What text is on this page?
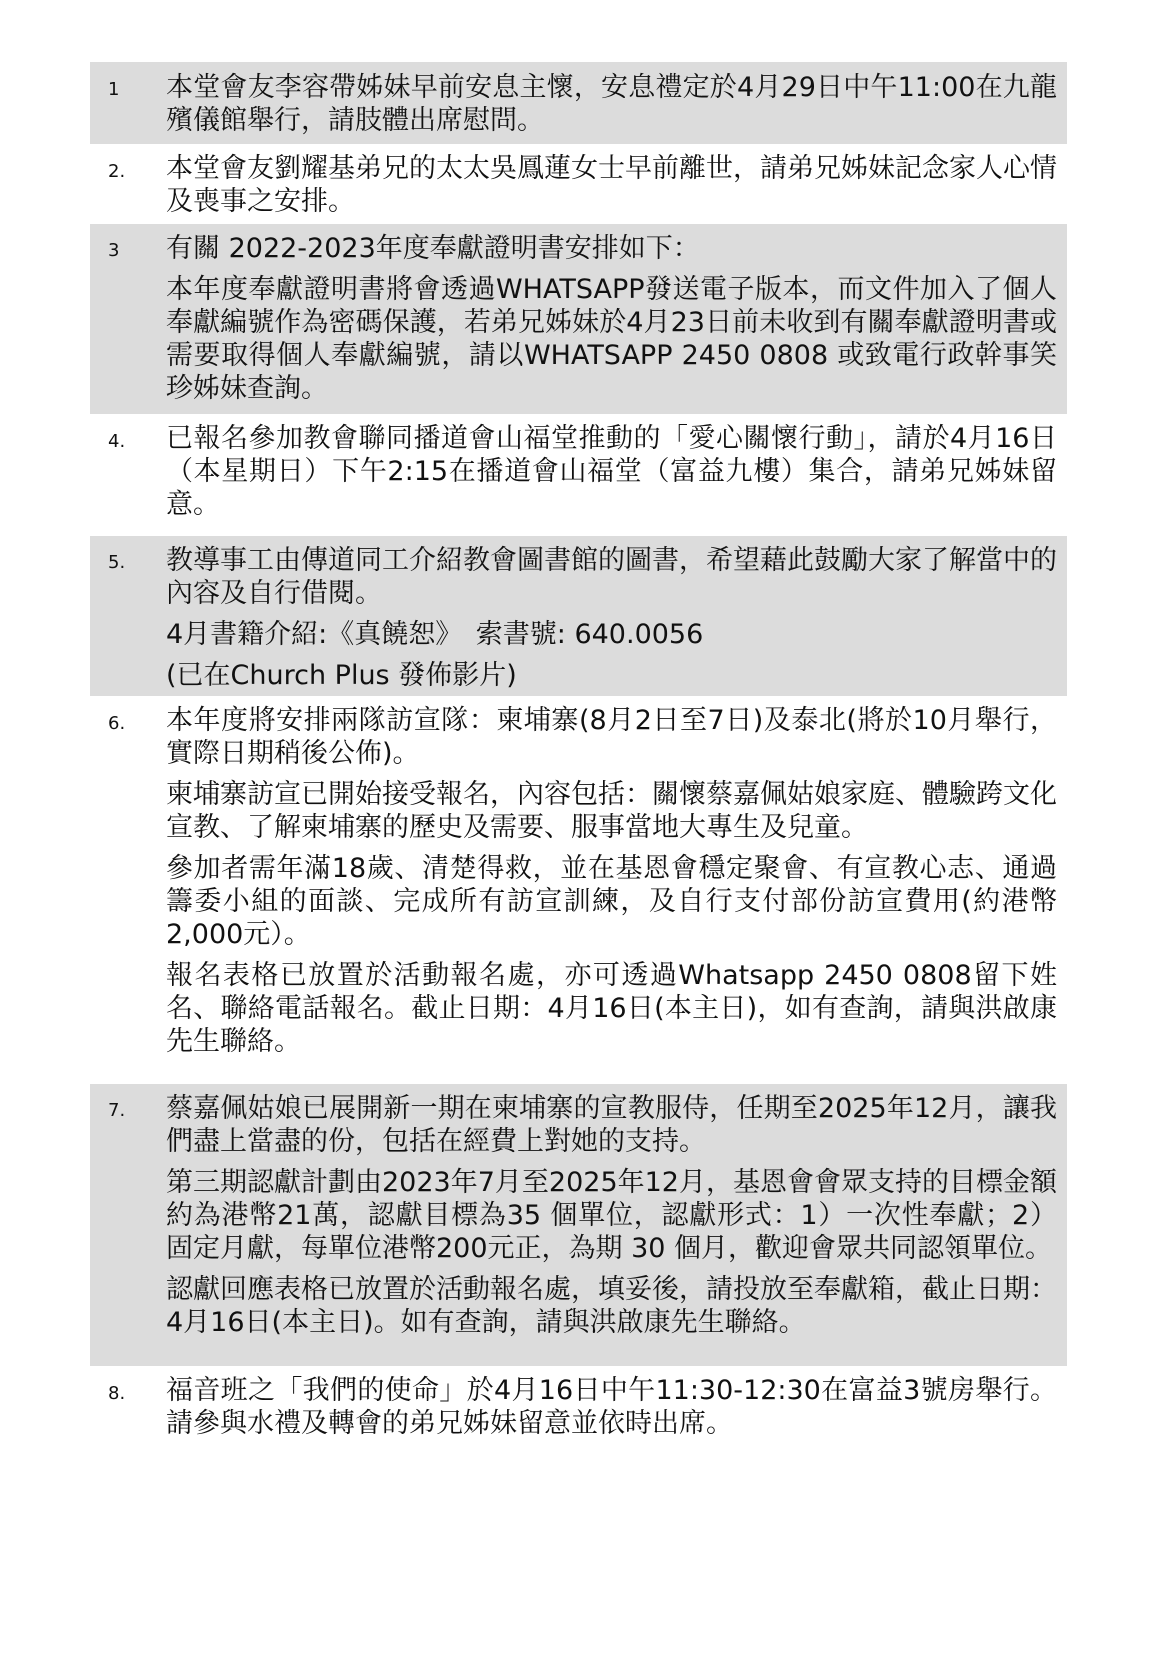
1 本堂會友李容帶姊妹早前安息主懷，安息禮定於4月29日中午11:00在九龍殯儀館舉行，請肢體出席慰問。

2. 本堂會友劉耀基弟兄的太太吳鳳蓮女士早前離世，請弟兄姊妹記念家人心情及喪事之安排。

3 有關 2022-2023年度奉獻證明書安排如下：

本年度奉獻證明書將會透過WHATSAPP發送電子版本，而文件加入了個人奉獻編號作為密碼保護，若弟兄姊妹於4月23日前未收到有關奉獻證明書或需要取得個人奉獻編號，請以WHATSAPP 2450 0808 或致電行政幹事笑珍姊妹查詢。

4. 已報名參加教會聯同播道會山福堂推動的「愛心關懷行動」，請於4月16日（本星期日）下午2:15在播道會山福堂（富益九樓）集合，請弟兄姊妹留意。

5. 教導事工由傳道同工介紹教會圖書館的圖書，希望藉此鼓勵大家了解當中的內容及自行借閱。

4月書籍介紹:《真饒恕》　索書號: 640.0056

(已在Church Plus 發佈影片)

6. 本年度將安排兩隊訪宣隊：柬埔寨(8月2日至7日)及泰北(將於10月舉行，實際日期稍後公佈)。

柬埔寨訪宣已開始接受報名，內容包括：關懷蔡嘉佩姑娘家庭、體驗跨文化宣教、了解柬埔寨的歷史及需要、服事當地大專生及兒童。

參加者需年滿18歲、清楚得救，並在基恩會穩定聚會、有宣教心志、通過籌委小組的面談、完成所有訪宣訓練，及自行支付部份訪宣費用(約港幣2,000元）。

報名表格已放置於活動報名處，亦可透過Whatsapp 2450 0808留下姓名、聯絡電話報名。截止日期：4月16日(本主日)，如有查詢，請與洪啟康先生聯絡。

7. 蔡嘉佩姑娘已展開新一期在柬埔寨的宣教服侍，任期至2025年12月，讓我們盡上當盡的份，包括在經費上對她的支持。

第三期認獻計劃由2023年7月至2025年12月，基恩會會眾支持的目標金額約為港幣21萬，認獻目標為35 個單位，認獻形式：1）一次性奉獻；2）固定月獻，每單位港幣200元正，為期 30 個月，歡迎會眾共同認領單位。

認獻回應表格已放置於活動報名處，填妥後，請投放至奉獻箱，截止日期：4月16日(本主日)。如有查詢，請與洪啟康先生聯絡。

8. 福音班之「我們的使命」於4月16日中午11:30-12:30在富益3號房舉行。請參與水禮及轉會的弟兄姊妹留意並依時出席。
